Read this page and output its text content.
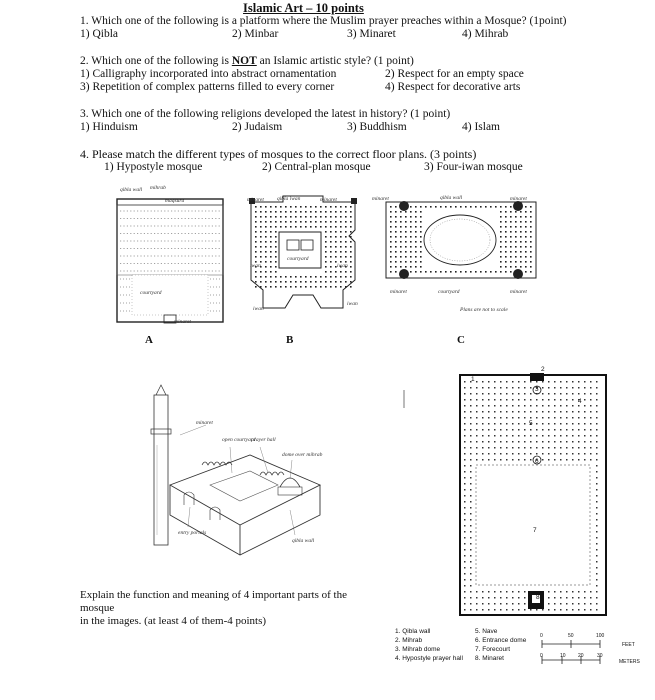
Islamic Art – 10 points
1. Which one of the following is a platform where the Muslim prayer preaches within a Mosque? (1point)
1) Qibla	2) Minbar	3) Minaret	4) Mihrab
2. Which one of the following is NOT an Islamic artistic style? (1 point)
1) Calligraphy incorporated into abstract ornamentation	2) Respect for an empty space
3) Repetition of complex patterns filled to every corner	4) Respect for decorative arts
3. Which one of the following religions developed the latest in history? (1 point)
1) Hinduism	2) Judaism	3) Buddhism	4) Islam
4. Please match the different types of mosques to the correct floor plans. (3 points)
1) Hypostyle mosque	2) Central-plan mosque	3) Four-iwan mosque
qibla wall mihrab
maqsura
courtyard
minaret
minaret qibla iwan	minaret
courtyard
iwan	iwan
iwan
minaret	qibla wall	minaret
minaret	courtyard	minaret
iwan
Plans are not to scale
A	B	C
minaret
open courtyard
prayer hall
dome over mihrab
entry portals
qibla wall
Explain the function and meaning of 4 important parts of the
mosque
in the images. (at least 4 of them-4 points)
1
2
3
4
5
6
7
8
1. Qibla wall
2. Mihrab
3. Mihrab dome
4. Hypostyle prayer hall
5. Nave
6. Entrance dome
7. Forecourt
8. Minaret
0	50	100
FEET
0	10 20	30
METERS
